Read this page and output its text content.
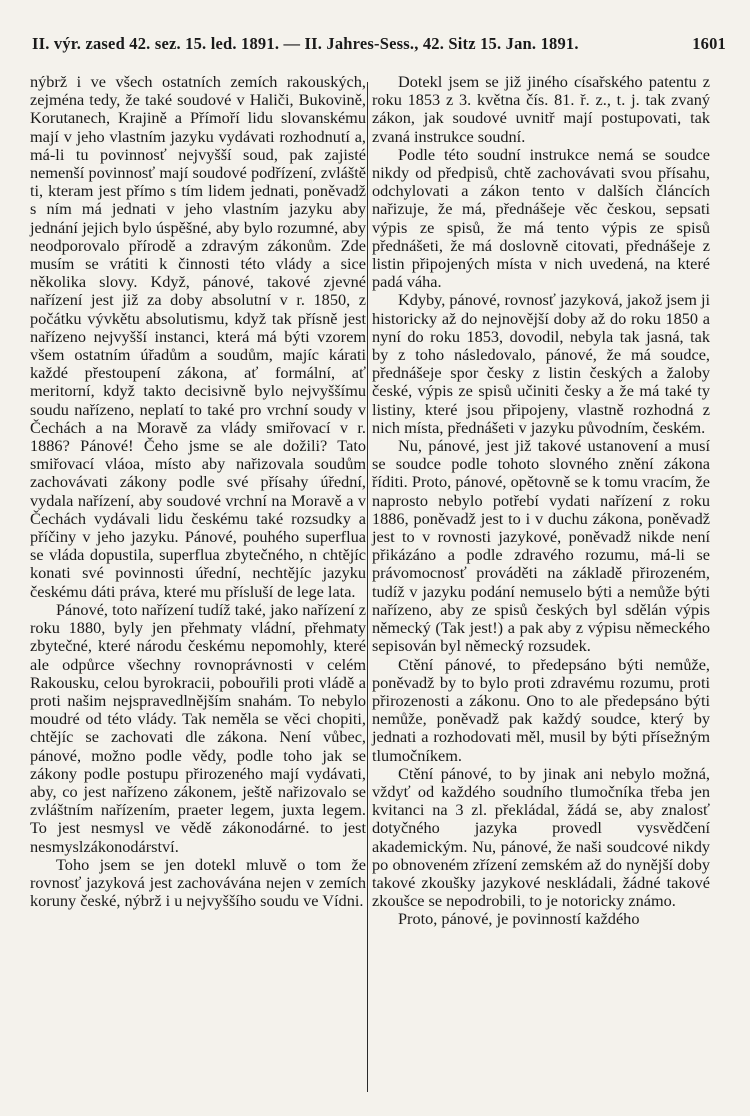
II. výr. zased 42. sez. 15. led. 1891. — II. Jahres-Sess., 42. Sitz 15. Jan. 1891.	1601

nýbrž i ve všech ostatních zemích rakouských, zejména tedy, že také soudové v Haliči, Bukovině, Korutanech, Krajině a Přímoří lidu slovanskému mají v jeho vlastním jazyku vydávati rozhodnutí a, má-li tu povinnosť nejvyšší soud, pak zajisté nemenší povinnosť mají soudové podřízení, zvláště ti, kteram jest přímo s tím lidem jednati, poněvadž s ním má jednati v jeho vlastním jazyku aby jednání jejich bylo úspěšné, aby bylo rozumné, aby neodporovalo přírodě a zdravým zákonům. Zde musím se vrátiti k činnosti této vlády a sice několika slovy. Když, pánové, takové zjevné nařízení jest již za doby absolutní v r. 1850, z počátku vývkětu absolutismu, když tak přísně jest nařízeno nejvyšší instanci, která má býti vzorem všem ostatním úřadům a soudům, majíc kárati každé přestoupení zákona, ať formální, ať meritorní, když takto decisivně bylo nejvyššímu soudu nařízeno, neplatí to také pro vrchní soudy v Čechách a na Moravě za vlády smiřovací v r. 1886? Pánové! Čeho jsme se ale dožili? Tato smiřovací vláoa, místo aby nařizovala soudům zachovávati zákony podle své přísahy úřední, vydala nařízení, aby soudové vrchní na Moravě a v Čechách vydávali lidu českému také rozsudky a příčiny v jeho jazyku. Pánové, pouhého superflua se vláda dopustila, superflua zbytečného, n chtějíc konati své povinnosti úřední, nechtějíc jazyku českému dáti práva, které mu přísluší de lege lata.

Pánové, toto nařízení tudíž také, jako nařízení z roku 1880, byly jen přehmaty vládní, přehmaty zbytečné, které národu českému nepomohly, které ale odpůrce všechny rovnoprávnosti v celém Rakousku, celou byrokracii, pobouřili proti vládě a proti našim nejspravedlnějším snahám. To nebylo moudré od této vlády. Tak neměla se věci chopiti, chtějíc se zachovati dle zákona. Není vůbec, pánové, možno podle vědy, podle toho jak se zákony podle postupu přirozeného mají vydávati, aby, co jest nařízeno zákonem, ještě nařizovalo se zvláštním nařízením, praeter legem, juxta legem. To jest nesmysl ve vědě zákonodárné. to jest nesmyslzákonodárství.

Toho jsem se jen dotekl mluvě o tom že rovnosť jazyková jest zachovávána nejen v zemích koruny české, nýbrž i u nejvyššího soudu ve Vídni.

Dotekl jsem se již jiného císařského patentu z roku 1853 z 3. května čís. 81. ř. z., t. j. tak zvaný zákon, jak soudové uvnitř mají postupovati, tak zvaná instrukce soudní.

Podle této soudní instrukce nemá se soudce nikdy od předpisů, chtě zachovávati svou přísahu, odchylovati a zákon tento v dalších článcích nařizuje, že má, přednášeje věc českou, sepsati výpis ze spisů, že má tento výpis ze spisů přednášeti, že má doslovně citovati, přednášeje z listin připojených místa v nich uvedená, na které padá váha.

Kdyby, pánové, rovnosť jazyková, jakož jsem ji historicky až do nejnovější doby až do roku 1850 a nyní do roku 1853, dovodil, nebyla tak jasná, tak by z toho následovalo, pánové, že má soudce, přednášeje spor česky z listin českých a žaloby české, výpis ze spisů učiniti česky a že má také ty listiny, které jsou připojeny, vlastně rozhodná z nich místa, přednášeti v jazyku původním, českém.

Nu, pánové, jest již takové ustanovení a musí se soudce podle tohoto slovného znění zákona říditi. Proto, pánové, opětovně se k tomu vracím, že naprosto nebylo potřebí vydati nařízení z roku 1886, poněvadž jest to i v duchu zákona, poněvadž jest to v rovnosti jazykové, poněvadž nikde není přikázáno a podle zdravého rozumu, má-li se právomocnosť prováděti na základě přirozeném, tudíž v jazyku podání nemuselo býti a nemůže býti nařízeno, aby ze spisů českých byl sdělán výpis německý (Tak jest!) a pak aby z výpisu německého sepisován byl německý rozsudek.

Ctění pánové, to předepsáno býti nemůže, poněvadž by to bylo proti zdravému rozumu, proti přirozenosti a zákonu. Ono to ale předepsáno býti nemůže, poněvadž pak každý soudce, který by jednati a rozhodovati měl, musil by býti přísežným tlumočníkem.

Ctění pánové, to by jinak ani nebylo možná, vždyť od každého soudního tlumočníka třeba jen kvitanci na 3 zl. překládal, žádá se, aby znalosť dotyčného jazyka provedl vysvědčení akademickým. Nu, pánové, že naši soudcové nikdy po obnoveném zřízení zemském až do nynější doby takové zkoušky jazykové neskládali, žádné takové zkoušce se nepodrobili, to je notoricky známo.

Proto, pánové, je povinností každého
